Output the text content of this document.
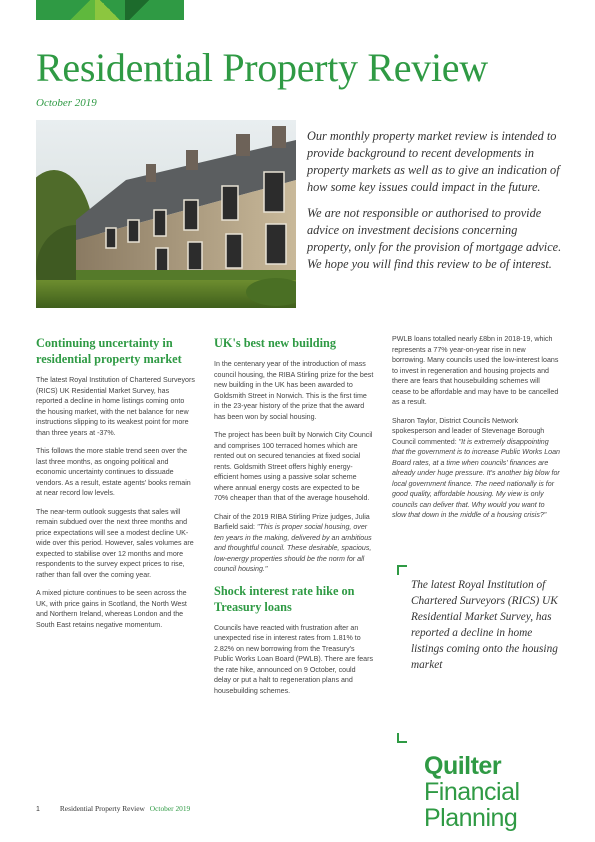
Residential Property Review
October 2019

Our monthly property market review is intended to provide background to recent developments in property markets as well as to give an indication of how some key issues could impact in the future.

We are not responsible or authorised to provide advice on investment decisions concerning property, only for the provision of mortgage advice. We hope you will find this review to be of interest.

Continuing uncertainty in residential property market

The latest Royal Institution of Chartered Surveyors (RICS) UK Residential Market Survey, has reported a decline in home listings coming onto the housing market, with the net balance for new instructions slipping to its weakest point for more than three years at -37%.

This follows the more stable trend seen over the last three months, as ongoing political and economic uncertainty continues to dissuade vendors. As a result, estate agents' books remain at near record low levels.

The near-term outlook suggests that sales will remain subdued over the next three months and price expectations will see a modest decline UK-wide over this period. However, sales volumes are expected to stabilise over 12 months and more respondents to the survey expect prices to rise, rather than fall over the coming year.

A mixed picture continues to be seen across the UK, with price gains in Scotland, the North West and Northern Ireland, whereas London and the South East retains negative momentum.

UK's best new building

In the centenary year of the introduction of mass council housing, the RIBA Stirling prize for the best new building in the UK has been awarded to Goldsmith Street in Norwich. This is the first time in the 23-year history of the prize that the award has been won by social housing.

The project has been built by Norwich City Council and comprises 100 terraced homes which are rented out on secured tenancies at fixed social rents. Goldsmith Street offers highly energy-efficient homes using a passive solar scheme where annual energy costs are expected to be 70% cheaper than that of the average household.

Chair of the 2019 RIBA Stirling Prize judges, Julia Barfield said: "This is proper social housing, over ten years in the making, delivered by an ambitious and thoughtful council. These desirable, spacious, low-energy properties should be the norm for all council housing."

Shock interest rate hike on Treasury loans

Councils have reacted with frustration after an unexpected rise in interest rates from 1.81% to 2.82% on new borrowing from the Treasury's Public Works Loan Board (PWLB). There are fears the rate hike, announced on 9 October, could delay or put a halt to regeneration plans and housebuilding schemes.

PWLB loans totalled nearly £8bn in 2018-19, which represents a 77% year-on-year rise in new borrowing. Many councils used the low-interest loans to invest in regeneration and housing projects and there are fears that housebuilding schemes will cease to be affordable and may have to be cancelled as a result.

Sharon Taylor, District Councils Network spokesperson and leader of Stevenage Borough Council commented: "It is extremely disappointing that the government is to increase Public Works Loan Board rates, at a time when councils' finances are already under huge pressure. It's another big blow for local government finance. The need nationally is for good quality, affordable housing. My view is only councils can deliver that. Why would you want to slow that down in the middle of a housing crisis?"

The latest Royal Institution of Chartered Surveyors (RICS) UK Residential Market Survey, has reported a decline in home listings coming onto the housing market

Quilter
Financial
Planning
1	Residential Property Review October 2019
